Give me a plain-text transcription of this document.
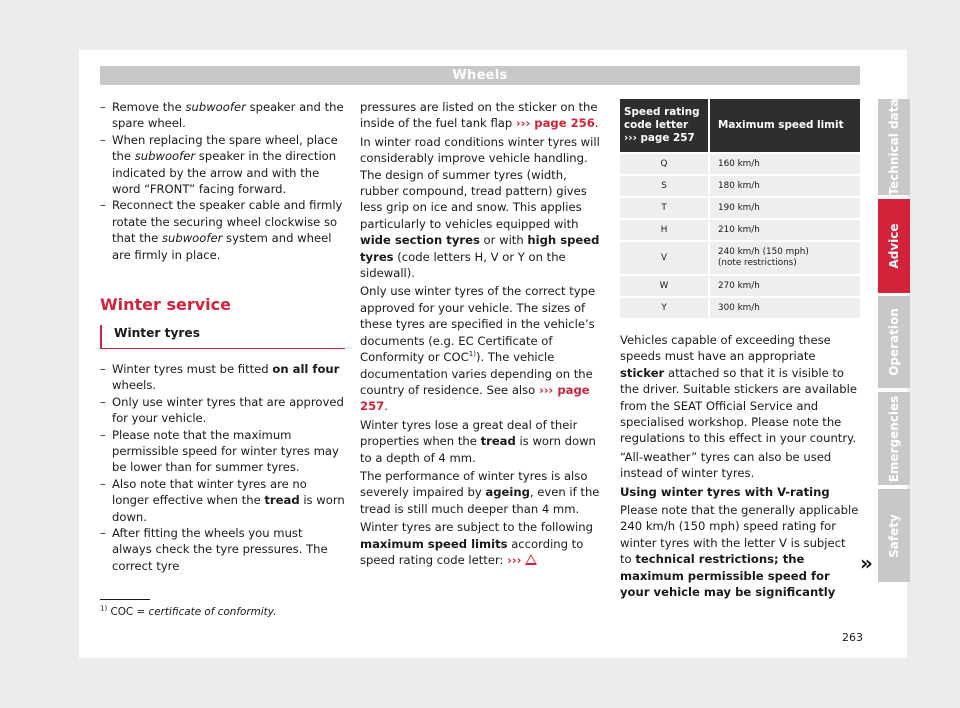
Wheels

– Remove the subwoofer speaker and the spare wheel.

– When replacing the spare wheel, place the subwoofer speaker in the direction indicated by the arrow and with the word “FRONT” facing forward.

– Reconnect the speaker cable and firmly rotate the securing wheel clockwise so that the subwoofer system and wheel are firmly in place.

Winter service
Winter tyres

– Winter tyres must be fitted on all four wheels.

– Only use winter tyres that are approved for your vehicle.

– Please note that the maximum permissible speed for winter tyres may be lower than for summer tyres.

– Also note that winter tyres are no longer effective when the tread is worn down.

– After fitting the wheels you must always check the tyre pressures. The correct tyre

pressures are listed on the sticker on the inside of the fuel tank flap ››› page 256.

In winter road conditions winter tyres will considerably improve vehicle handling. The design of summer tyres (width, rubber compound, tread pattern) gives less grip on ice and snow. This applies particularly to vehicles equipped with wide section tyres or with high speed tyres (code letters H, V or Y on the sidewall).

Only use winter tyres of the correct type approved for your vehicle. The sizes of these tyres are specified in the vehicle’s documents (e.g. EC Certificate of Conformity or COC$^{1)}$). The vehicle documentation varies depending on the country of residence. See also ››› page 257.

Winter tyres lose a great deal of their properties when the tread is worn down to a depth of 4 mm.

The performance of winter tyres is also severely impaired by ageing, even if the tread is still much deeper than 4 mm.

Winter tyres are subject to the following maximum speed limits according to speed rating code letter: ›››

Speed rating
code letter
››› page 257	Maximum speed limit
Q	160 km/h
S	180 km/h
T	190 km/h
H	210 km/h
V	240 km/h (150 mph)
(note restrictions)
W	270 km/h
Y	300 km/h

Vehicles capable of exceeding these speeds must have an appropriate sticker attached so that it is visible to the driver. Suitable stickers are available from the SEAT Official Service and specialised workshop. Please note the regulations to this effect in your country.

“All-weather” tyres can also be used instead of winter tyres.

Using winter tyres with V-rating

Please note that the generally applicable 240 km/h (150 mph) speed rating for winter tyres with the letter V is subject to technical restrictions; the maximum permissible speed for your vehicle may be significantly

»
Technical data
Advice
Operation
Emergencies
Safety
$^{1)}$ COC = certificate of conformity.
263
